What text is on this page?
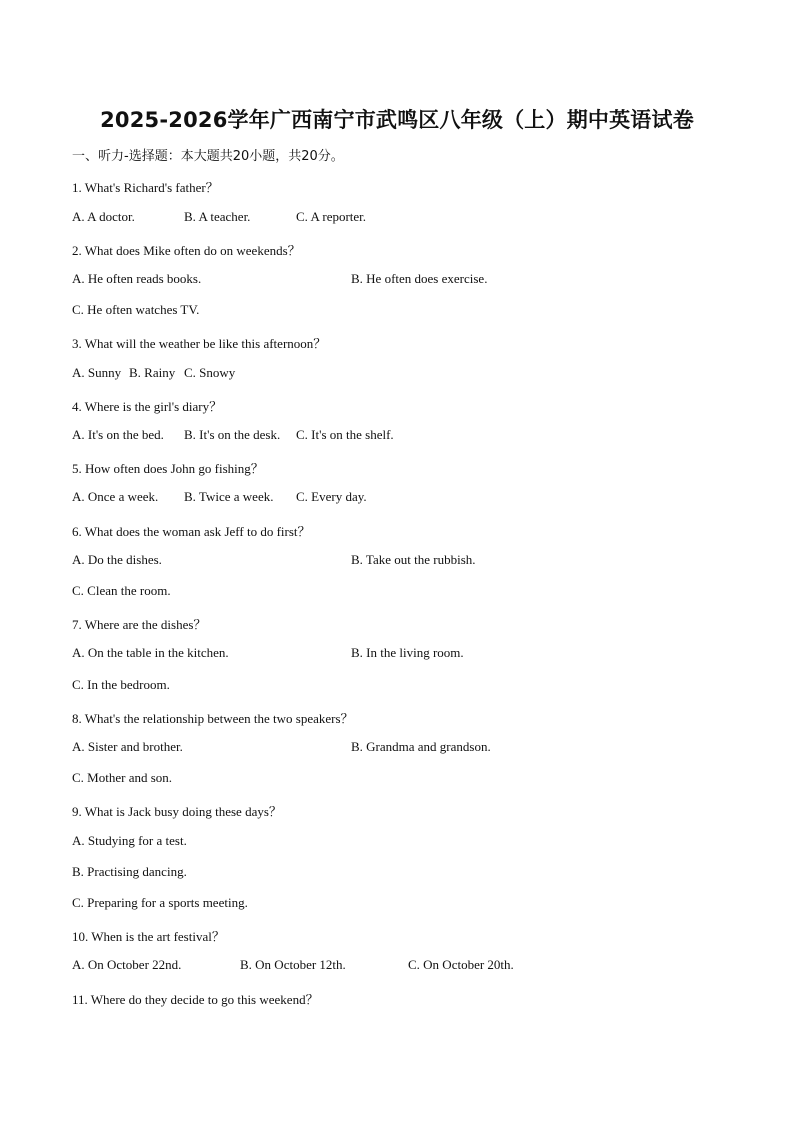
2025-2026学年广西南宁市武鸣区八年级（上）期中英语试卷
一、听力-选择题：本大题共20小题，共20分。
1. What's Richard's father？
A. A doctor.	B. A teacher.	C. A reporter.
2. What does Mike often do on weekends？
A. He often reads books.	B. He often does exercise.
C. He often watches TV.
3. What will the weather be like this afternoon？
A. Sunny B. Rainy C. Snowy
4. Where is the girl's diary？
A. It's on the bed. B. It's on the desk. C. It's on the shelf.
5. How often does John go fishing？
A. Once a week. B. Twice a week. C. Every day.
6. What does the woman ask Jeff to do first？
A. Do the dishes.	B. Take out the rubbish.
C. Clean the room.
7. Where are the dishes？
A. On the table in the kitchen.	B. In the living room.
C. In the bedroom.
8. What's the relationship between the two speakers？
A. Sister and brother.	B. Grandma and grandson.
C. Mother and son.
9. What is Jack busy doing these days？
A. Studying for a test.
B. Practising dancing.
C. Preparing for a sports meeting.
10. When is the art festival？
A. On October 22nd.	B. On October 12th.	C. On October 20th.
11. Where do they decide to go this weekend？
